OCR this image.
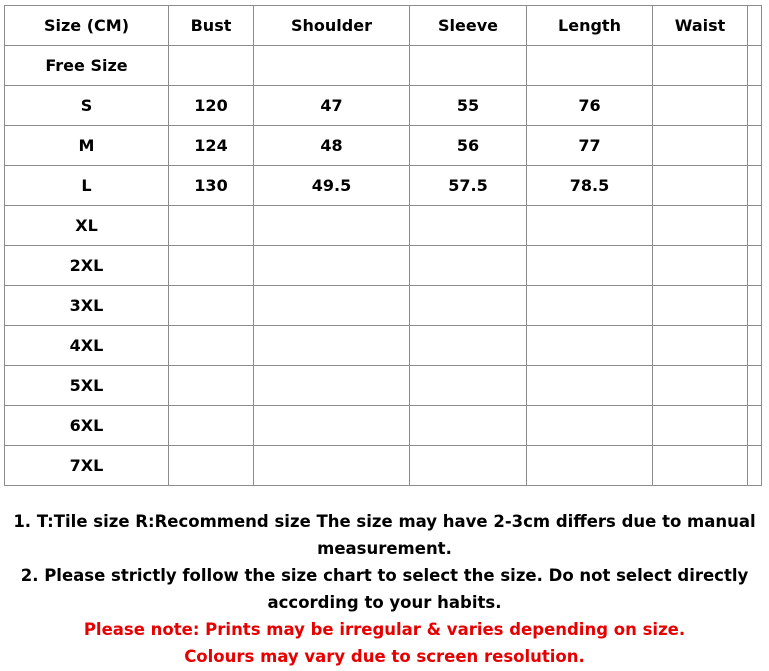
Size (CM)	Bust	Shoulder	Sleeve	Length	Waist	
Free Size						
S	120	47	55	76		
M	124	48	56	77		
L	130	49.5	57.5	78.5		
XL						
2XL						
3XL						
4XL						
5XL						
6XL						
7XL						

1. T:Tile size R:Recommend size The size may have 2-3cm differs due to manual measurement.

2. Please strictly follow the size chart to select the size. Do not select directly according to your habits.

Please note: Prints may be irregular & varies depending on size.

Colours may vary due to screen resolution.
